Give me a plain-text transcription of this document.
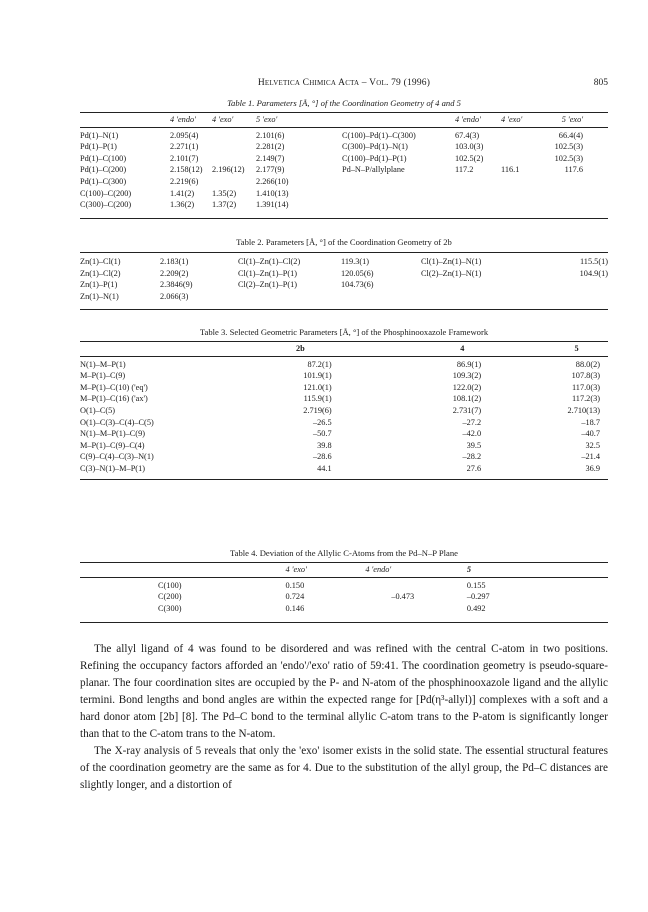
Helvetica Chimica Acta – Vol. 79 (1996)	805
Table 1. Parameters [Å, °] of the Coordination Geometry of 4 and 5
	4 'endo'	4 'exo'	5 'exo'
Pd(1)–N(1)	2.095(4)		2.101(6)
Pd(1)–P(1)	2.271(1)		2.281(2)
Pd(1)–C(100)	2.101(7)		2.149(7)
Pd(1)–C(200)	2.158(12)	2.196(12)	2.177(9)
Pd(1)–C(300)	2.219(6)		2.266(10)
C(100)–C(200)	1.41(2)	1.35(2)	1.410(13)
C(300)–C(200)	1.36(2)	1.37(2)	1.391(14)
	4 'endo'	4 'exo'	5 'exo'
C(100)–Pd(1)–C(300)	67.4(3)		66.4(4)
C(300)–Pd(1)–N(1)	103.0(3)		102.5(3)
C(100)–Pd(1)–P(1)	102.5(2)		102.5(3)
Pd–N–P/allylplane	117.2	116.1	117.6
Table 2. Parameters [Å, °] of the Coordination Geometry of 2b
Zn(1)–Cl(1)	2.183(1)	Cl(1)–Zn(1)–Cl(2)	119.3(1)	Cl(1)–Zn(1)–N(1)	115.5(1)
Zn(1)–Cl(2)	2.209(2)	Cl(1)–Zn(1)–P(1)	120.05(6)	Cl(2)–Zn(1)–N(1)	104.9(1)
Zn(1)–P(1)	2.3846(9)	Cl(2)–Zn(1)–P(1)	104.73(6)		
Zn(1)–N(1)	2.066(3)				
Table 3. Selected Geometric Parameters [Å, °] of the Phosphinooxazole Framework
	2b	4	5
N(1)–M–P(1)	87.2(1)	86.9(1)	88.0(2)
M–P(1)–C(9)	101.9(1)	109.3(2)	107.8(3)
M–P(1)–C(10) ('eq')	121.0(1)	122.0(2)	117.0(3)
M–P(1)–C(16) ('ax')	115.9(1)	108.1(2)	117.2(3)
O(1)–C(5)	2.719(6)	2.731(7)	2.710(13)
O(1)–C(3)–C(4)–C(5)	–26.5	–27.2	–18.7
N(1)–M–P(1)–C(9)	–50.7	–42.0	–40.7
M–P(1)–C(9)–C(4)	39.8	39.5	32.5
C(9)–C(4)–C(3)–N(1)	–28.6	–28.2	–21.4
C(3)–N(1)–M–P(1)	44.1	27.6	36.9
Table 4. Deviation of the Allylic C-Atoms from the Pd–N–P Plane
	4 'exo'	4 'endo'	5
C(100)	0.150		0.155
C(200)	0.724	–0.473	–0.297
C(300)	0.146		0.492

The allyl ligand of 4 was found to be disordered and was refined with the central C-atom in two positions. Refining the occupancy factors afforded an 'endo'/'exo' ratio of 59:41. The coordination geometry is pseudo-square-planar. The four coordination sites are occupied by the P- and N-atom of the phosphinooxazole ligand and the allylic termini. Bond lengths and bond angles are within the expected range for [Pd(η³-allyl)] complexes with a soft and a hard donor atom [2b] [8]. The Pd–C bond to the terminal allylic C-atom trans to the P-atom is significantly longer than that to the C-atom trans to the N-atom.

The X-ray analysis of 5 reveals that only the 'exo' isomer exists in the solid state. The essential structural features of the coordination geometry are the same as for 4. Due to the substitution of the allyl group, the Pd–C distances are slightly longer, and a distortion of
